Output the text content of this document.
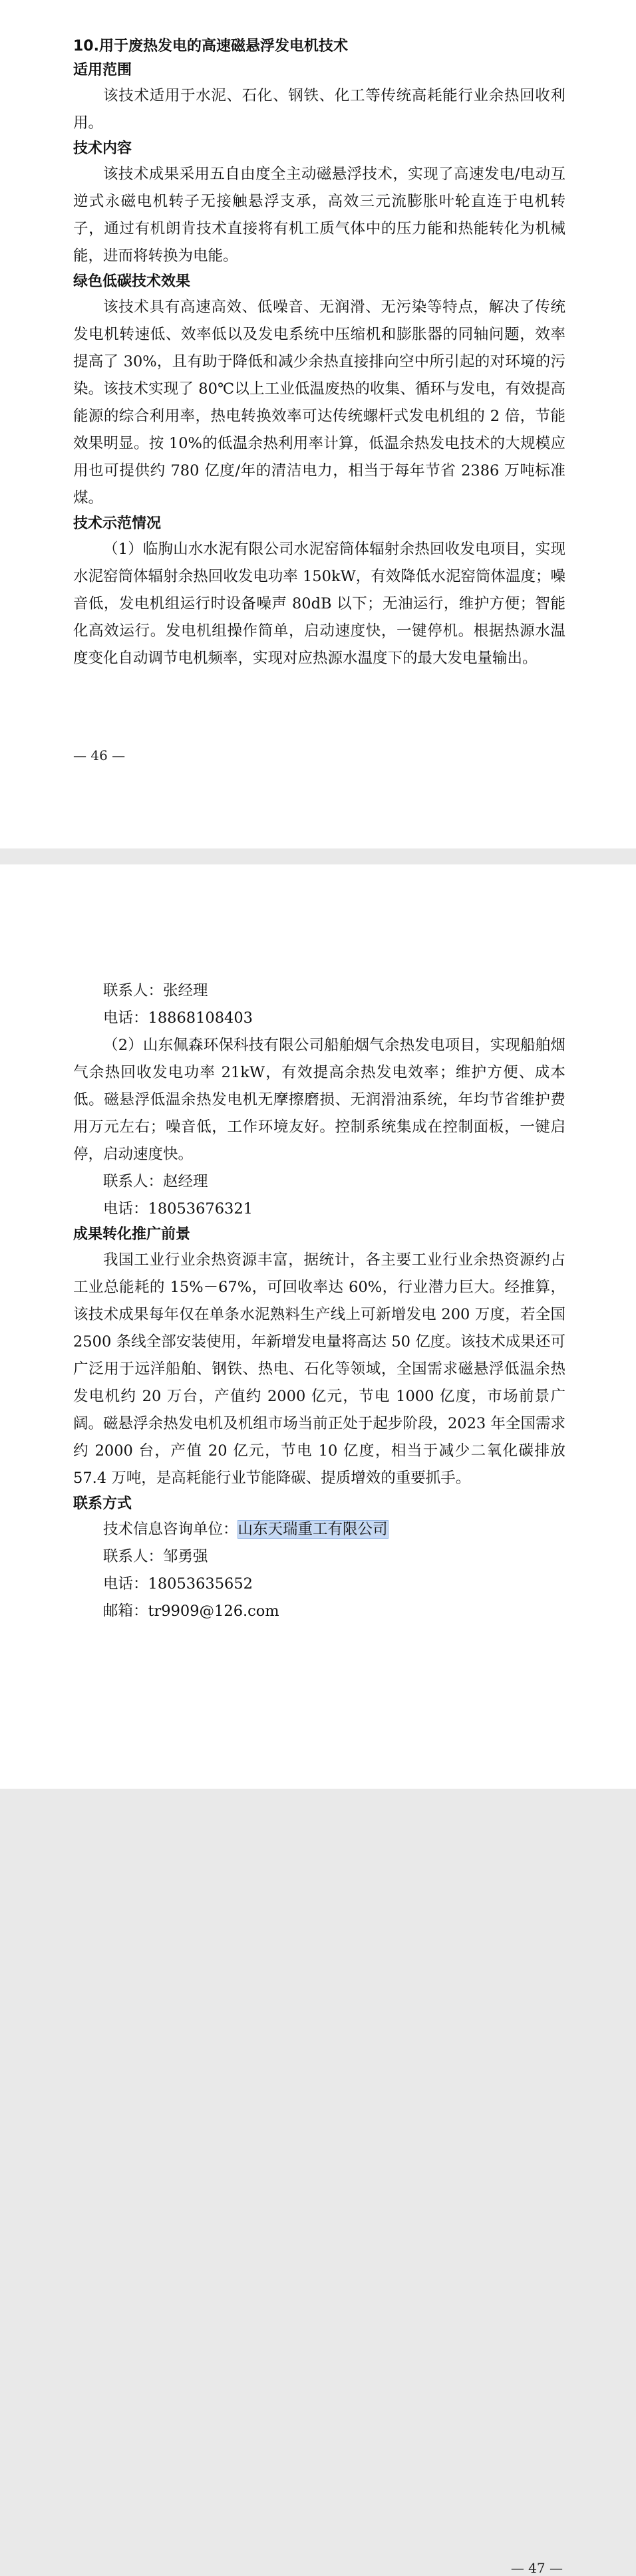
10.用于废热发电的高速磁悬浮发电机技术

适用范围

该技术适用于水泥、石化、钢铁、化工等传统高耗能行业余热回收利用。

技术内容

该技术成果采用五自由度全主动磁悬浮技术，实现了高速发电/电动互逆式永磁电机转子无接触悬浮支承，高效三元流膨胀叶轮直连于电机转子，通过有机朗肯技术直接将有机工质气体中的压力能和热能转化为机械能，进而将转换为电能。

绿色低碳技术效果

该技术具有高速高效、低噪音、无润滑、无污染等特点，解决了传统发电机转速低、效率低以及发电系统中压缩机和膨胀器的同轴问题，效率提高了 30%，且有助于降低和减少余热直接排向空中所引起的对环境的污染。该技术实现了 80℃以上工业低温废热的收集、循环与发电，有效提高能源的综合利用率，热电转换效率可达传统螺杆式发电机组的 2 倍，节能效果明显。按 10%的低温余热利用率计算，低温余热发电技术的大规模应用也可提供约 780 亿度/年的清洁电力，相当于每年节省 2386 万吨标准煤。

技术示范情况

（1）临朐山水水泥有限公司水泥窑筒体辐射余热回收发电项目，实现水泥窑筒体辐射余热回收发电功率 150kW，有效降低水泥窑筒体温度；噪音低，发电机组运行时设备噪声 80dB 以下；无油运行，维护方便；智能化高效运行。发电机组操作简单，启动速度快，一键停机。根据热源水温度变化自动调节电机频率，实现对应热源水温度下的最大发电量输出。

— 46 —

联系人：张经理

电话：18868108403

（2）山东佩森环保科技有限公司船舶烟气余热发电项目，实现船舶烟气余热回收发电功率 21kW，有效提高余热发电效率；维护方便、成本低。磁悬浮低温余热发电机无摩擦磨损、无润滑油系统，年均节省维护费用万元左右；噪音低，工作环境友好。控制系统集成在控制面板，一键启停，启动速度快。

联系人：赵经理

电话：18053676321

成果转化推广前景

我国工业行业余热资源丰富，据统计，各主要工业行业余热资源约占工业总能耗的 15%－67%，可回收率达 60%，行业潜力巨大。经推算，该技术成果每年仅在单条水泥熟料生产线上可新增发电 200 万度，若全国 2500 条线全部安装使用，年新增发电量将高达 50 亿度。该技术成果还可广泛用于远洋船舶、钢铁、热电、石化等领域，全国需求磁悬浮低温余热发电机约 20 万台，产值约 2000 亿元，节电 1000 亿度，市场前景广阔。磁悬浮余热发电机及机组市场当前正处于起步阶段，2023 年全国需求约 2000 台，产值 20 亿元，节电 10 亿度，相当于减少二氧化碳排放 57.4 万吨，是高耗能行业节能降碳、提质增效的重要抓手。

联系方式

技术信息咨询单位：山东天瑞重工有限公司

联系人：邹勇强

电话：18053635652

邮箱：tr9909@126.com

— 47 —
